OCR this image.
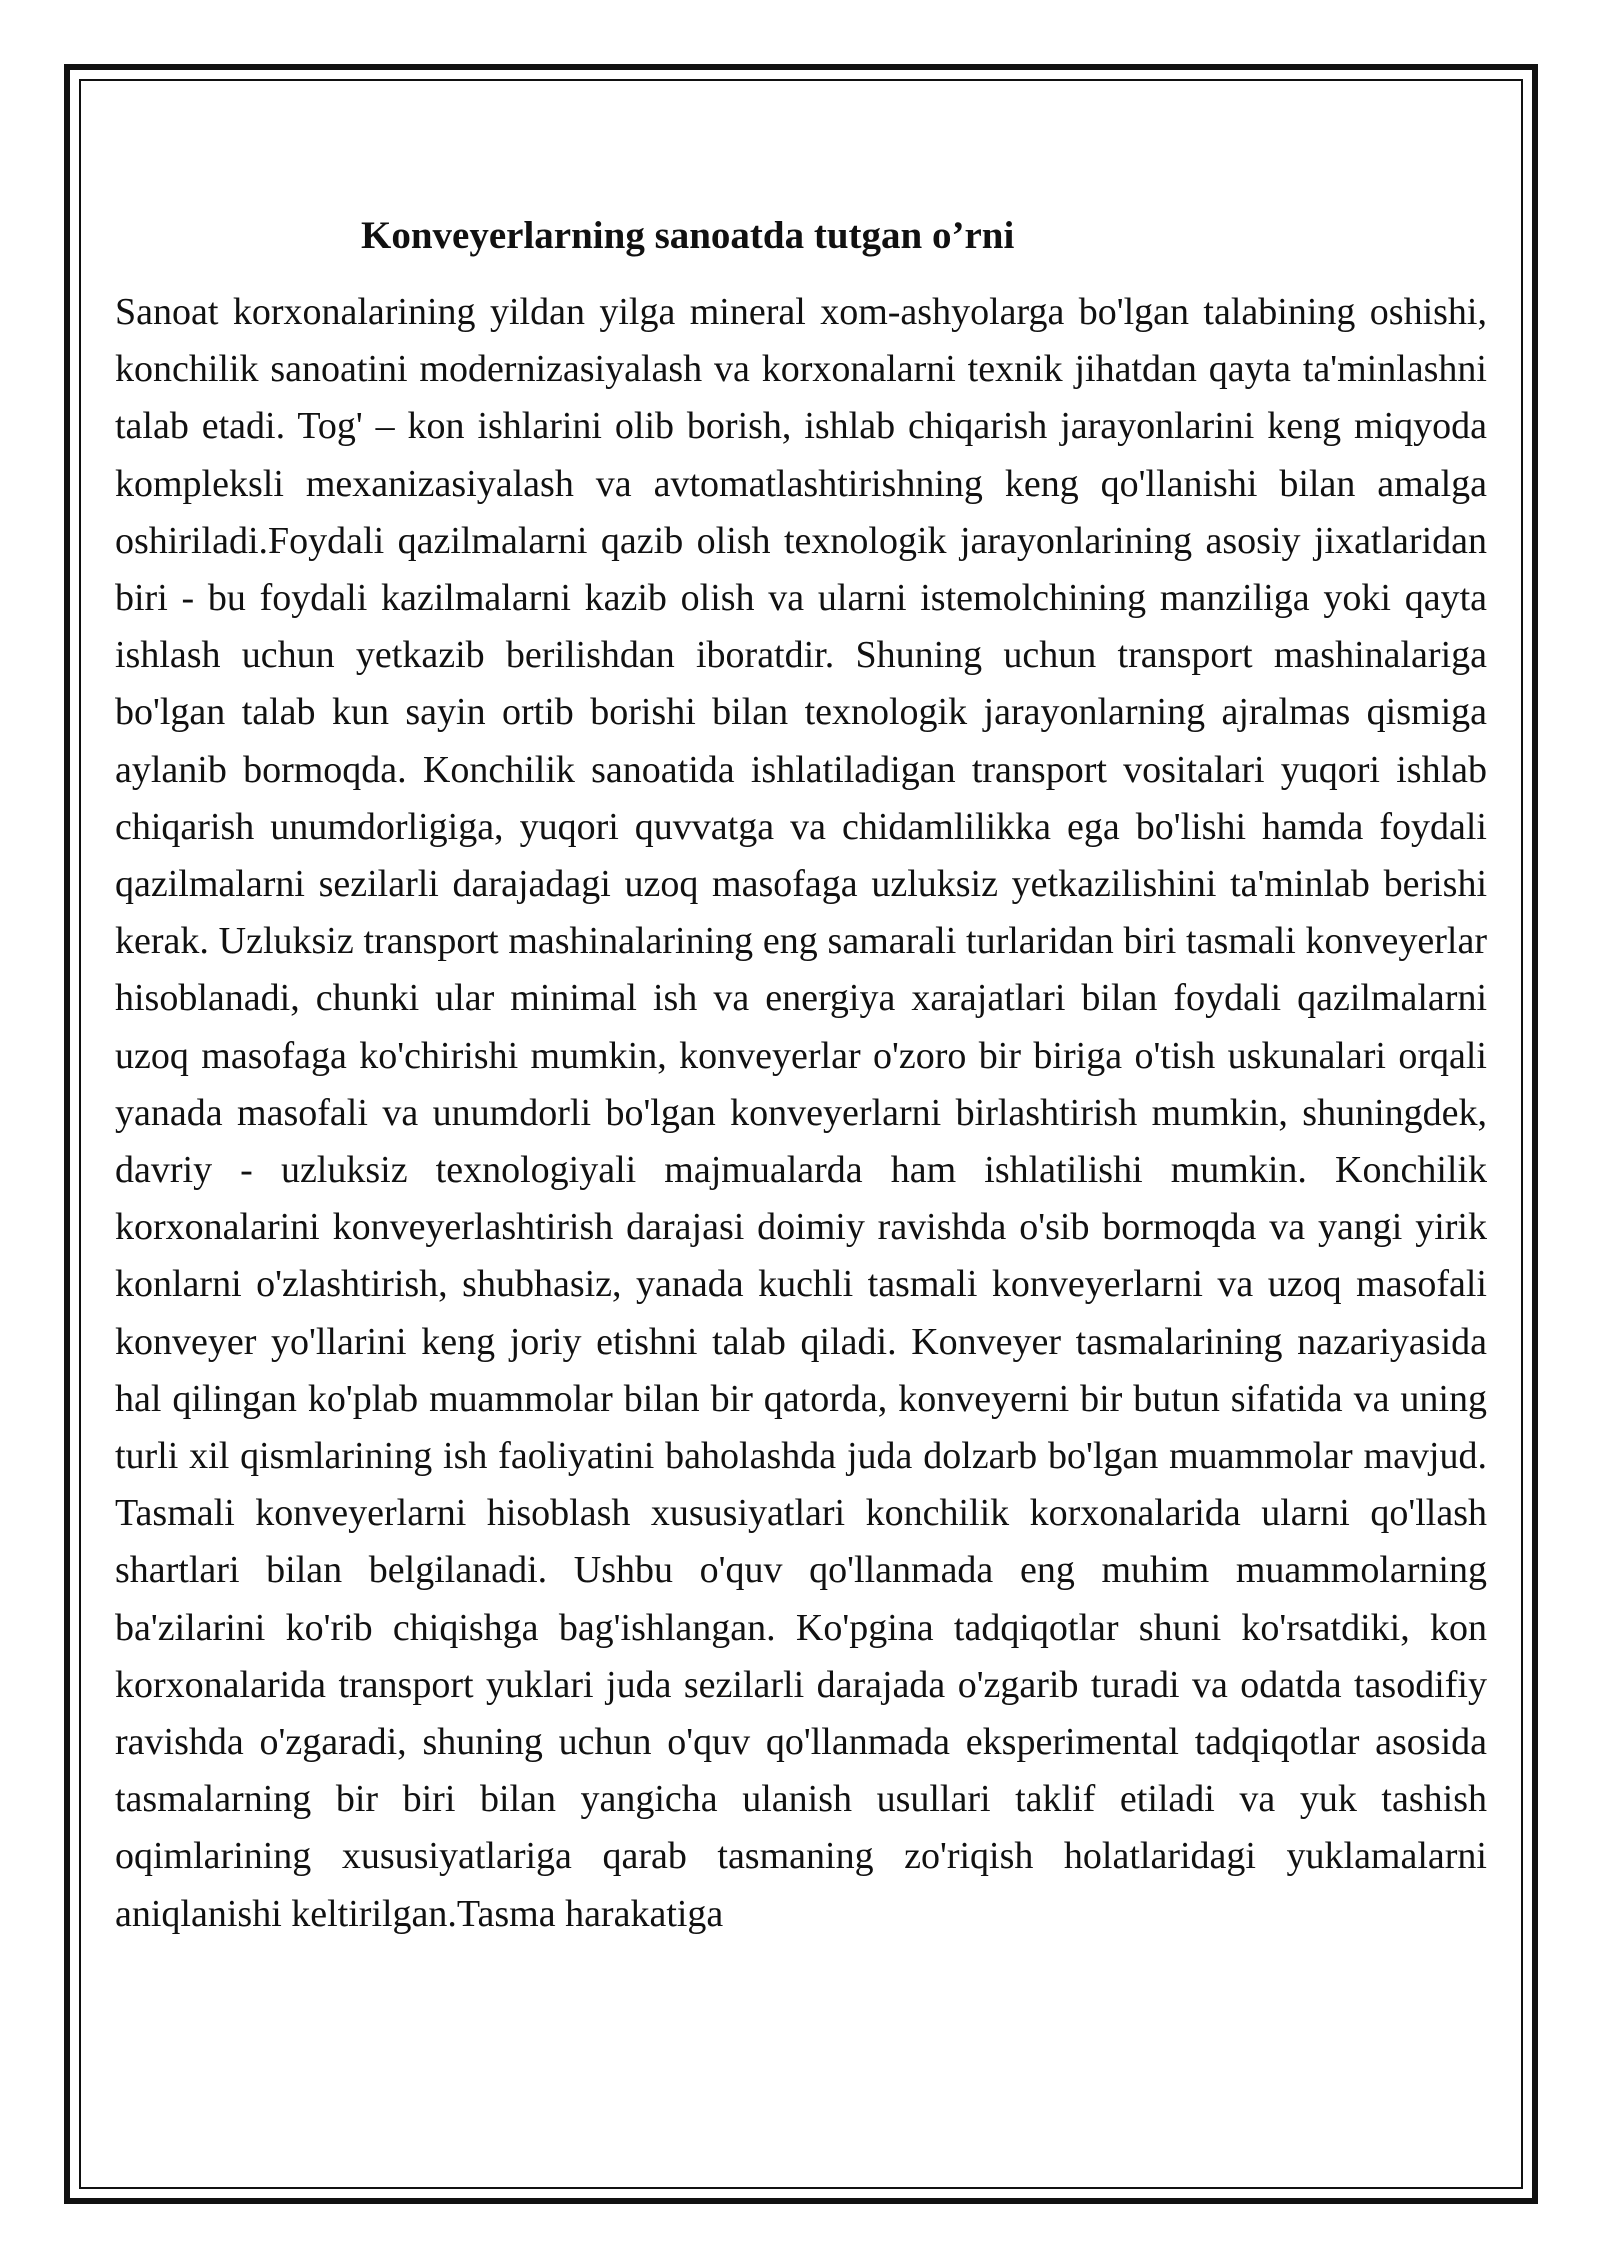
Konveyerlarning sanoatda tutgan o’rni

Sanoat korxonalarining yildan yilga mineral xom-ashyolarga bo'lgan talabining oshishi, konchilik sanoatini modernizasiyalash va korxonalarni texnik jihatdan qayta ta'minlashni talab etadi. Tog' – kon ishlarini olib borish, ishlab chiqarish jarayonlarini keng miqyoda kompleksli mexanizasiyalash va avtomatlashtirishning keng qo'llanishi bilan amalga oshiriladi.Foydali qazilmalarni qazib olish texnologik jarayonlarining asosiy jixatlaridan biri - bu foydali kazilmalarni kazib olish va ularni istemolchining manziliga yoki qayta ishlash uchun yetkazib berilishdan iboratdir. Shuning uchun transport mashinalariga bo'lgan talab kun sayin ortib borishi bilan texnologik jarayonlarning ajralmas qismiga aylanib bormoqda. Konchilik sanoatida ishlatiladigan transport vositalari yuqori ishlab chiqarish unumdorligiga, yuqori quvvatga va chidamlilikka ega bo'lishi hamda foydali qazilmalarni sezilarli darajadagi uzoq masofaga uzluksiz yetkazilishini ta'minlab berishi kerak. Uzluksiz transport mashinalarining eng samarali turlaridan biri tasmali konveyerlar hisoblanadi, chunki ular minimal ish va energiya xarajatlari bilan foydali qazilmalarni uzoq masofaga ko'chirishi mumkin, konveyerlar o'zoro bir biriga o'tish uskunalari orqali yanada masofali va unumdorli bo'lgan konveyerlarni birlashtirish mumkin, shuningdek, davriy - uzluksiz texnologiyali majmualarda ham ishlatilishi mumkin. Konchilik korxonalarini konveyerlashtirish darajasi doimiy ravishda o'sib bormoqda va yangi yirik konlarni o'zlashtirish, shubhasiz, yanada kuchli tasmali konveyerlarni va uzoq masofali konveyer yo'llarini keng joriy etishni talab qiladi. Konveyer tasmalarining nazariyasida hal qilingan ko'plab muammolar bilan bir qatorda, konveyerni bir butun sifatida va uning turli xil qismlarining ish faoliyatini baholashda juda dolzarb bo'lgan muammolar mavjud. Tasmali konveyerlarni hisoblash xususiyatlari konchilik korxonalarida ularni qo'llash shartlari bilan belgilanadi. Ushbu o'quv qo'llanmada eng muhim muammolarning ba'zilarini ko'rib chiqishga bag'ishlangan. Ko'pgina tadqiqotlar shuni ko'rsatdiki, kon korxonalarida transport yuklari juda sezilarli darajada o'zgarib turadi va odatda tasodifiy ravishda o'zgaradi, shuning uchun o'quv qo'llanmada eksperimental tadqiqotlar asosida tasmalarning bir biri bilan yangicha ulanish usullari taklif etiladi va yuk tashish oqimlarining xususiyatlariga qarab tasmaning zo'riqish holatlaridagi yuklamalarni aniqlanishi keltirilgan.Tasma harakatiga
